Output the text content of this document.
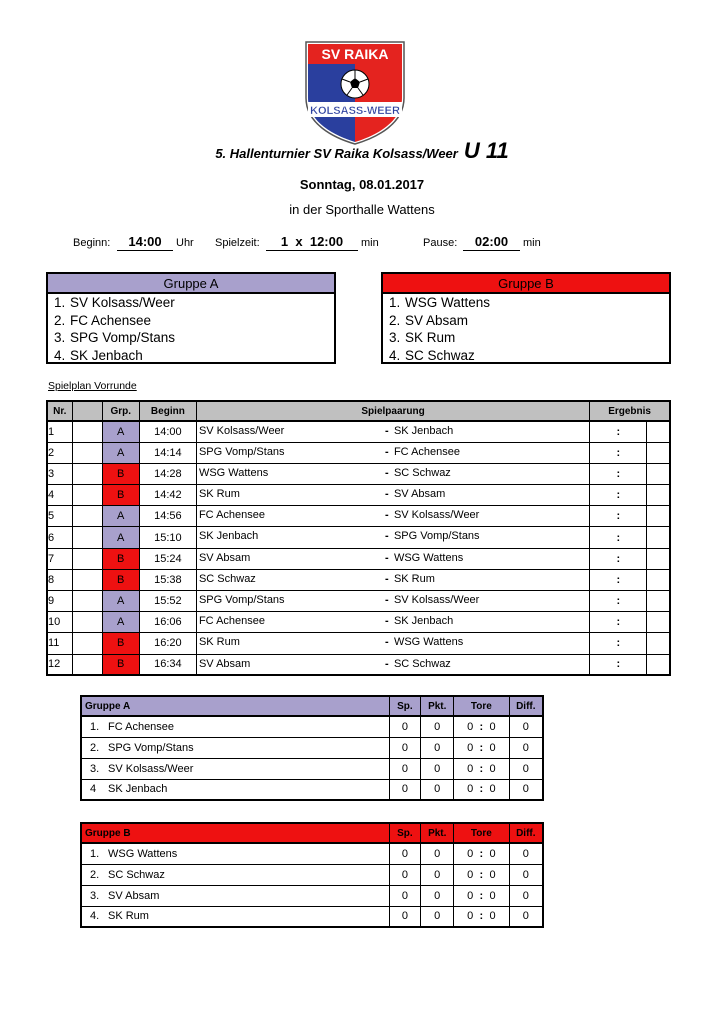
SV RAIKA
KOLSASS-WEER
5. Hallenturnier SV Raika Kolsass/Weer U 11
Sonntag, 08.01.2017
in der Sporthalle Wattens
Beginn:	14:00	Uhr Spielzeit:	1 x 12:00	min	Pause:	02:00	min
Gruppe A
1. SV Kolsass/Weer
2. FC Achensee
3. SPG Vomp/Stans
4. SK Jenbach
Gruppe B
1. WSG Wattens
2. SV Absam
3. SK Rum
4. SC Schwaz
Spielplan Vorrunde
Nr.		Grp.	Beginn	Spielpaarung	Ergebnis	
1		A	14:00	SV Kolsass/Weer - SK Jenbach	:	
2		A	14:14	SPG Vomp/Stans - FC Achensee	:	
3		B	14:28	WSG Wattens - SC Schwaz	:	
4		B	14:42	SK Rum - SV Absam	:	
5		A	14:56	FC Achensee - SV Kolsass/Weer	:	
6		A	15:10	SK Jenbach - SPG Vomp/Stans	:	
7		B	15:24	SV Absam - WSG Wattens	:	
8		B	15:38	SC Schwaz - SK Rum	:	
9		A	15:52	SPG Vomp/Stans - SV Kolsass/Weer	:	
10		A	16:06	FC Achensee - SK Jenbach	:	
11		B	16:20	SK Rum - WSG Wattens	:	
12		B	16:34	SV Absam - SC Schwaz	:	
Gruppe A	Sp.	Pkt.	Tore			Diff.
1. FC Achensee	0	0	0	:	0	0
2. SPG Vomp/Stans	0	0	0	:	0	0
3. SV Kolsass/Weer	0	0	0	:	0	0
4 SK Jenbach	0	0	0	:	0	0
Gruppe B	Sp.	Pkt.	Tore			Diff.
1. WSG Wattens	0	0	0	:	0	0
2. SC Schwaz	0	0	0	:	0	0
3. SV Absam	0	0	0	:	0	0
4. SK Rum	0	0	0	:	0	0
